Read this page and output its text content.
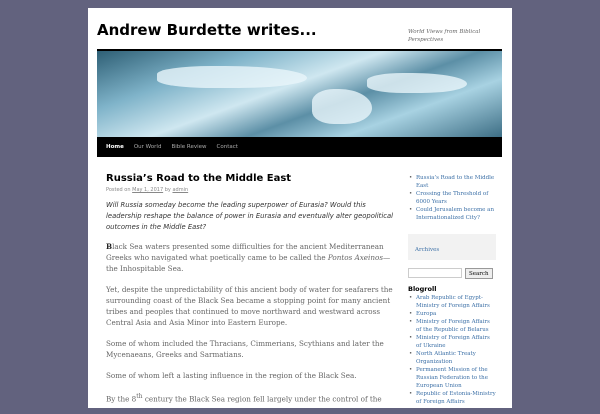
Andrew Burdette writes...	World Views from Biblical Perspectives
Home Our World Bible Review Contact
Russia’s Road to the Middle East
Posted on May 1, 2017 by admin
Will Russia someday become the leading superpower of Eurasia? Would this leadership reshape the balance of power in Eurasia and eventually alter geopolitical outcomes in the Middle East?

Black Sea waters presented some difficulties for the ancient Mediterranean Greeks who navigated what poetically came to be called the Pontos Axeinos—the Inhospitable Sea.

Yet, despite the unpredictability of this ancient body of water for seafarers the surrounding coast of the Black Sea became a stopping point for many ancient tribes and peoples that continued to move northward and westward across Central Asia and Asia Minor into Eastern Europe.

Some of whom included the Thracians, Cimmerians, Scythians and later the Mycenaeans, Greeks and Sarmatians.

Some of whom left a lasting influence in the region of the Black Sea.

By the 8th century the Black Sea region fell largely under the control of the

• Russia’s Road to the Middle East
• Crossing the Threshold of 6000 Years
• Could Jerusalem become an Internationalized City?
Archives
Search
Blogroll
• Arab Republic of Egypt-Ministry of Foreign Affairs
• Europa
• Ministry of Foreign Affairs of the Republic of Belarus
• Ministry of Foreign Affairs of Ukraine
• North Atlantic Treaty Organization
• Permanent Mission of the Russian Federation to the European Union
• Republic of Estonia-Ministry of Foreign Affairs
